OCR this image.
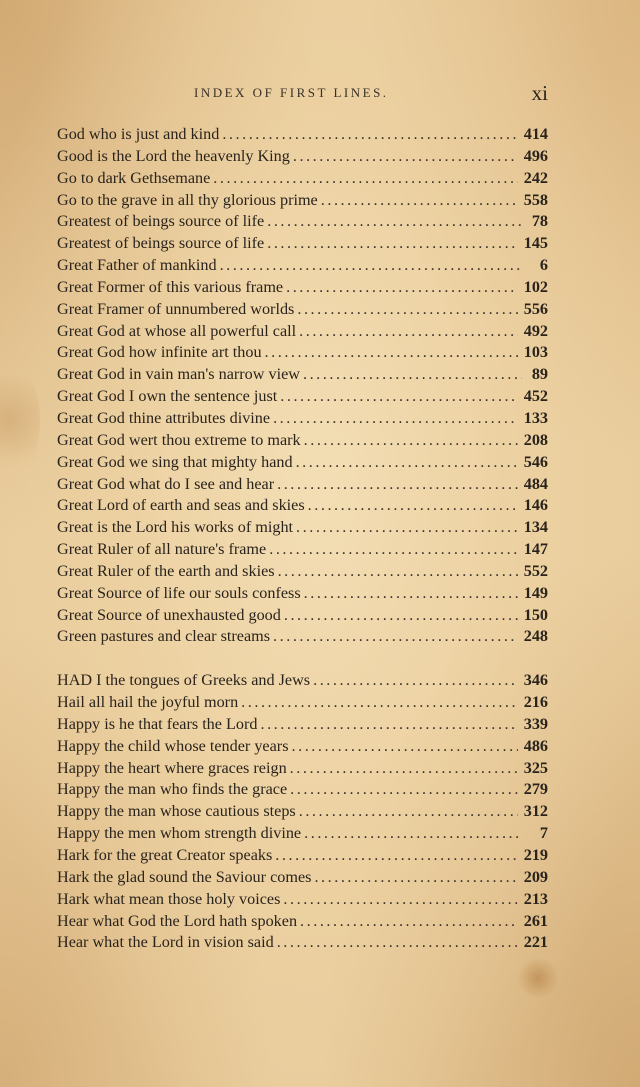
INDEX OF FIRST LINES.	xi
God who is just and kind . . .	414
Good is the Lord the heavenly King . . .	496
Go to dark Gethsemane . . .	242
Go to the grave in all thy glorious prime . . .	558
Greatest of beings source of life . . .	78
Greatest of beings source of life . . .	145
Great Father of mankind . . .	6
Great Former of this various frame . . .	102
Great Framer of unnumbered worlds . . .	556
Great God at whose all powerful call . . .	492
Great God how infinite art thou . . .	103
Great God in vain man's narrow view . . .	89
Great God I own the sentence just . . .	452
Great God thine attributes divine . . .	133
Great God wert thou extreme to mark . . .	208
Great God we sing that mighty hand . . .	546
Great God what do I see and hear . . .	484
Great Lord of earth and seas and skies . . .	146
Great is the Lord his works of might . . .	134
Great Ruler of all nature's frame . . .	147
Great Ruler of the earth and skies . . .	552
Great Source of life our souls confess . . .	149
Great Source of unexhausted good . . .	150
Green pastures and clear streams . . .	248
HAD I the tongues of Greeks and Jews . . .	346
Hail all hail the joyful morn . . .	216
Happy is he that fears the Lord . . .	339
Happy the child whose tender years . . .	486
Happy the heart where graces reign . . .	325
Happy the man who finds the grace . . .	279
Happy the man whose cautious steps . . .	312
Happy the men whom strength divine . . .	7
Hark for the great Creator speaks . . .	219
Hark the glad sound the Saviour comes . . .	209
Hark what mean those holy voices . . .	213
Hear what God the Lord hath spoken . . .	261
Hear what the Lord in vision said . . .	221
